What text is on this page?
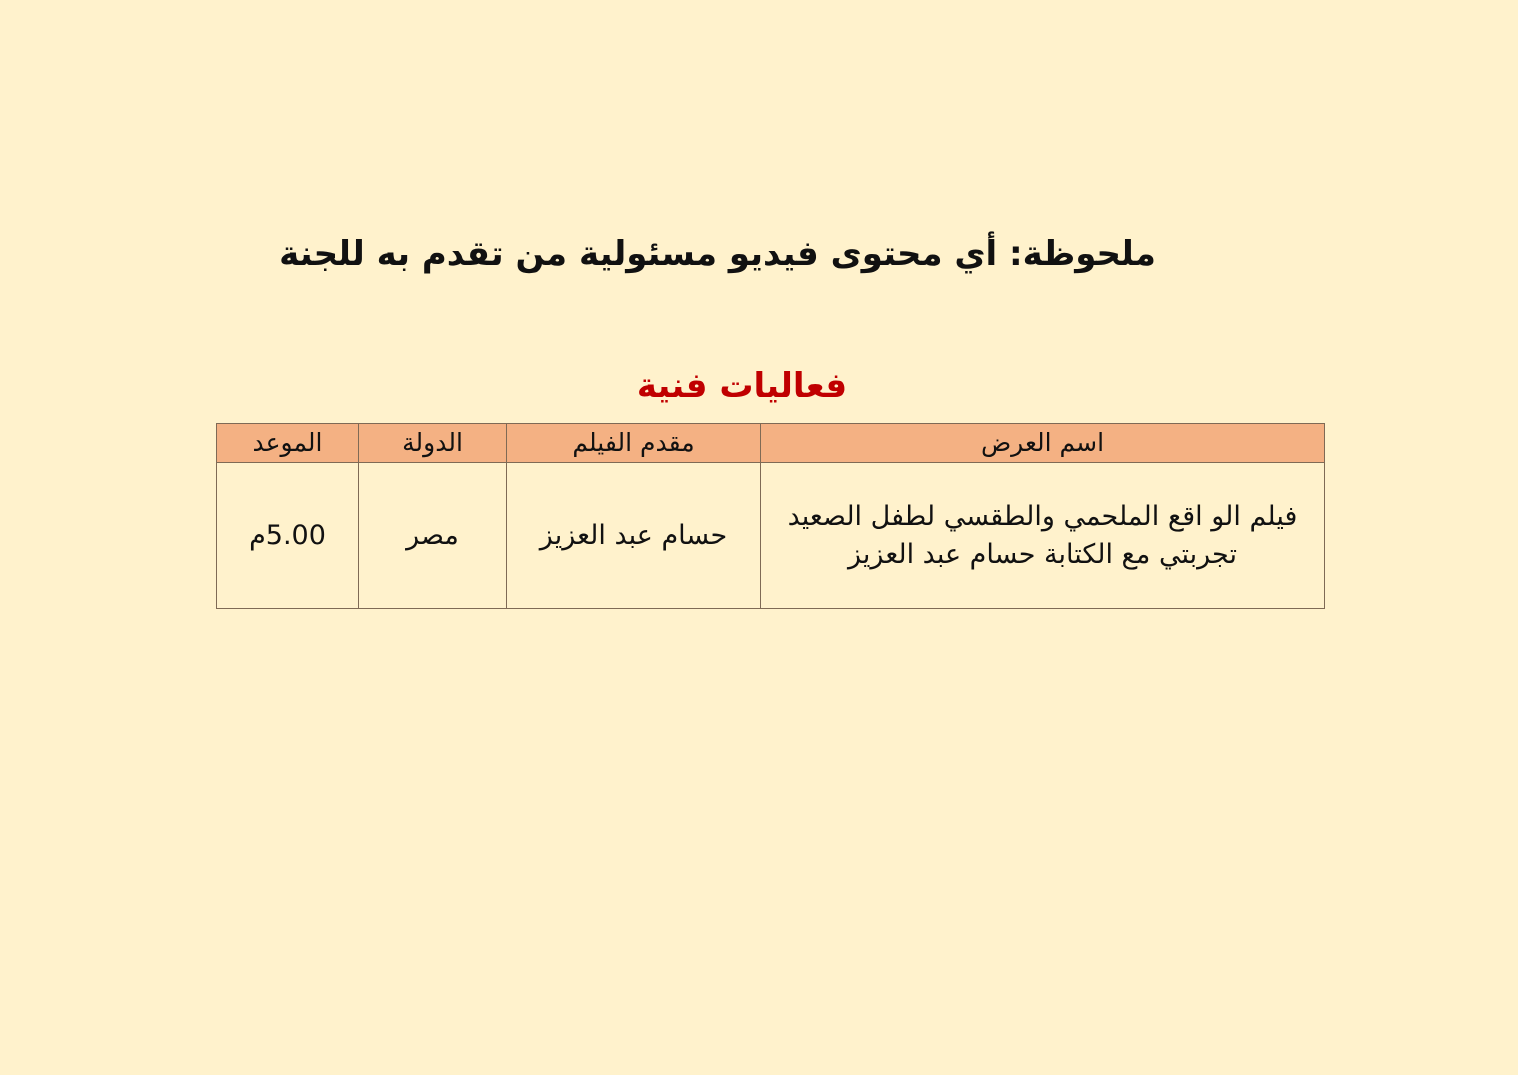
ملحوظة: أي محتوى فيديو مسئولية من تقدم به للجنة
فعاليات فنية
اسم العرض	مقدم الفيلم	الدولة	الموعد

فيلم الو اقع الملحمي والطقسي لطفل الصعيد
تجربتي مع الكتابة حسام عبد العزيز	حسام عبد العزيز	مصر	5.00م
